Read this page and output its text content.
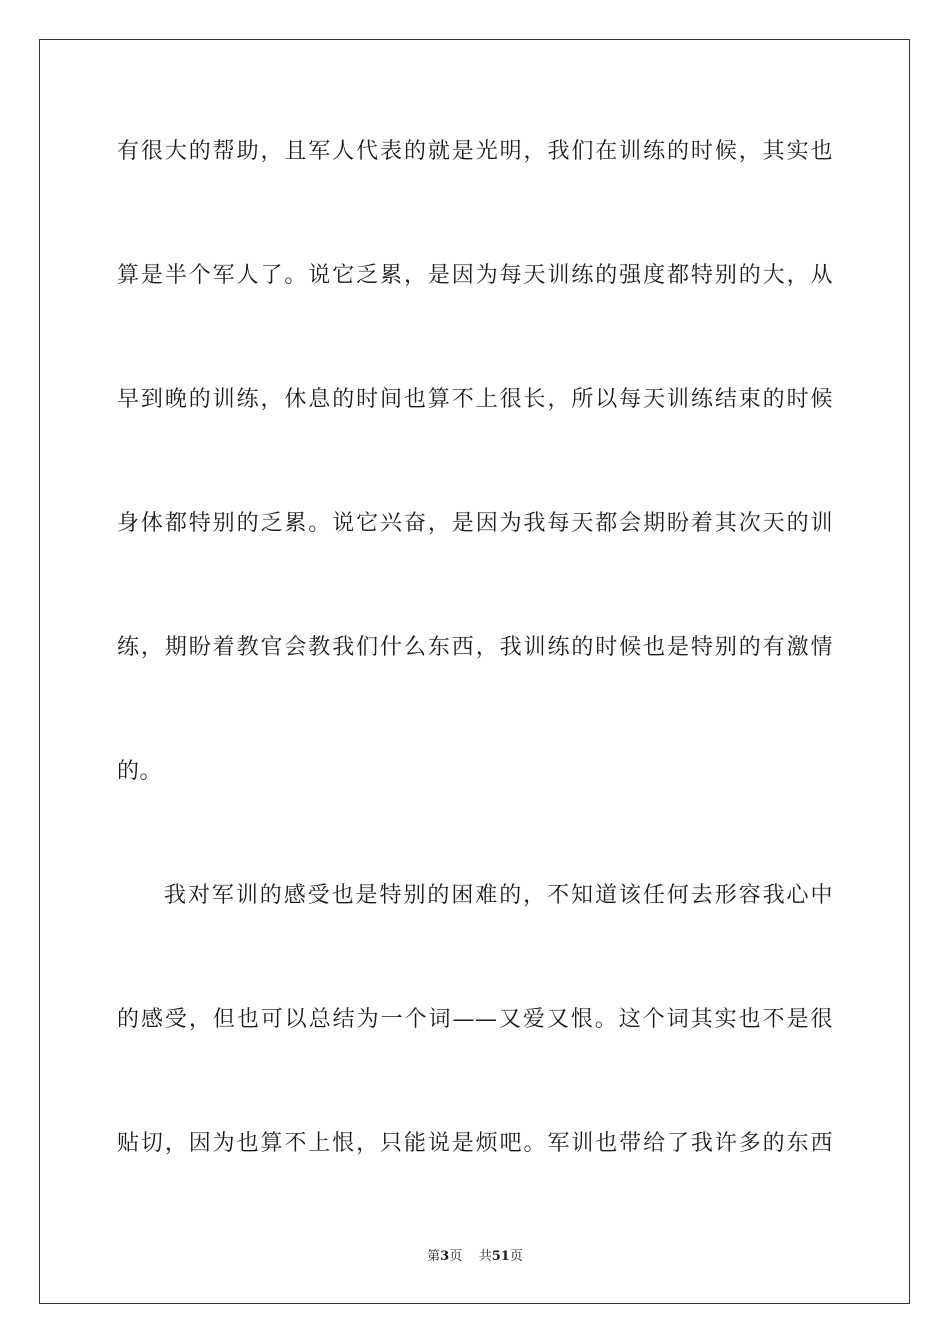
有很大的帮助，且军人代表的就是光明，我们在训练的时候，其实也
算是半个军人了。说它乏累，是因为每天训练的强度都特别的大，从
早到晚的训练，休息的时间也算不上很长，所以每天训练结束的时候
身体都特别的乏累。说它兴奋，是因为我每天都会期盼着其次天的训
练，期盼着教官会教我们什么东西，我训练的时候也是特别的有激情
的。
我对军训的感受也是特别的困难的，不知道该任何去形容我心中
的感受，但也可以总结为一个词——又爱又恨。这个词其实也不是很
贴切，因为也算不上恨，只能说是烦吧。军训也带给了我许多的东西
第3页 共51页
